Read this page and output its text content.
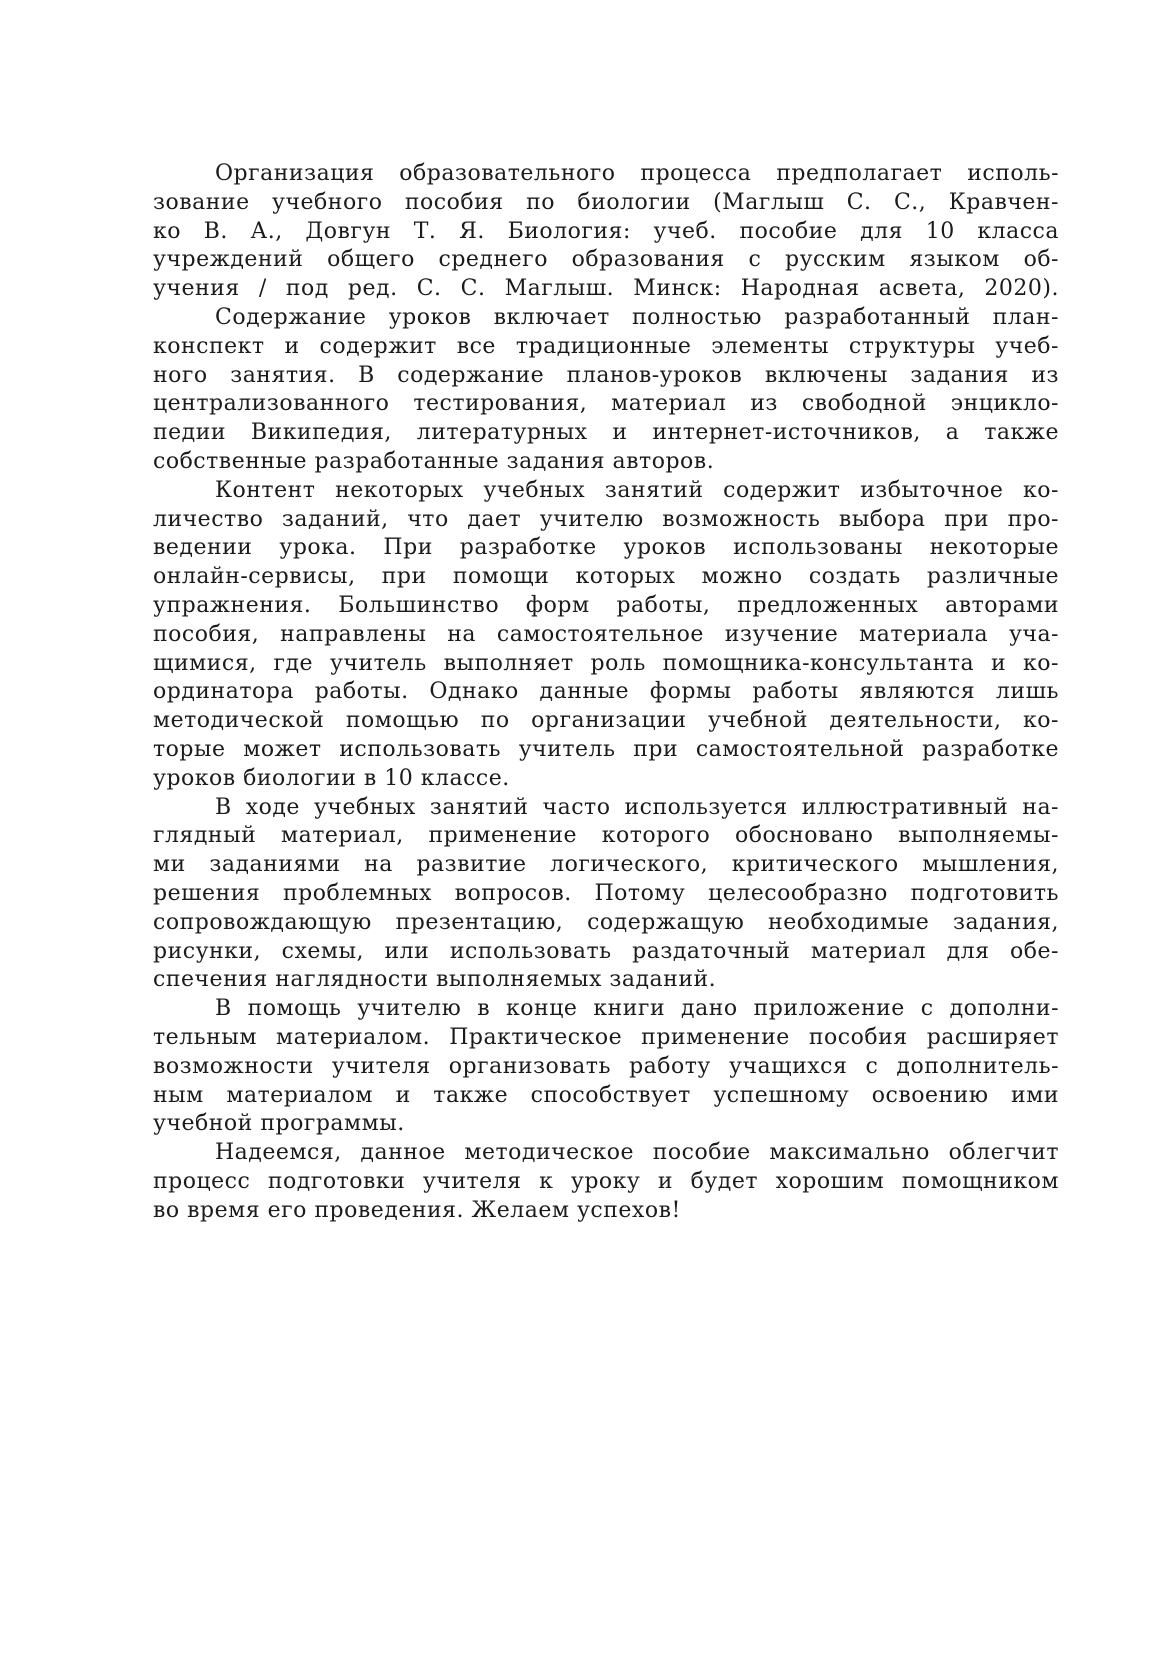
Организация образовательного процесса предполагает исполь-
зование учебного пособия по биологии (Маглыш С. С., Кравчен-
ко В. А., Довгун Т. Я. Биология: учеб. пособие для 10 класса
учреждений общего среднего образования с русским языком об-
учения / под ред. С. С. Маглыш. Минск: Народная асвета, 2020).

Содержание уроков включает полностью разработанный план-
конспект и содержит все традиционные элементы структуры учеб-
ного занятия. В содержание планов-уроков включены задания из
централизованного тестирования, материал из свободной энцикло-
педии Википедия, литературных и интернет-источников, а также
собственные разработанные задания авторов.

Контент некоторых учебных занятий содержит избыточное ко-
личество заданий, что дает учителю возможность выбора при про-
ведении урока. При разработке уроков использованы некоторые
онлайн-сервисы, при помощи которых можно создать различные
упражнения. Большинство форм работы, предложенных авторами
пособия, направлены на самостоятельное изучение материала уча-
щимися, где учитель выполняет роль помощника-консультанта и ко-
ординатора работы. Однако данные формы работы являются лишь
методической помощью по организации учебной деятельности, ко-
торые может использовать учитель при самостоятельной разработке
уроков биологии в 10 классе.

В ходе учебных занятий часто используется иллюстративный на-
глядный материал, применение которого обосновано выполняемы-
ми заданиями на развитие логического, критического мышления,
решения проблемных вопросов. Потому целесообразно подготовить
сопровождающую презентацию, содержащую необходимые задания,
рисунки, схемы, или использовать раздаточный материал для обе-
спечения наглядности выполняемых заданий.

В помощь учителю в конце книги дано приложение с дополни-
тельным материалом. Практическое применение пособия расширяет
возможности учителя организовать работу учащихся с дополнитель-
ным материалом и также способствует успешному освоению ими
учебной программы.

Надеемся, данное методическое пособие максимально облегчит
процесс подготовки учителя к уроку и будет хорошим помощником
во время его проведения. Желаем успехов!
